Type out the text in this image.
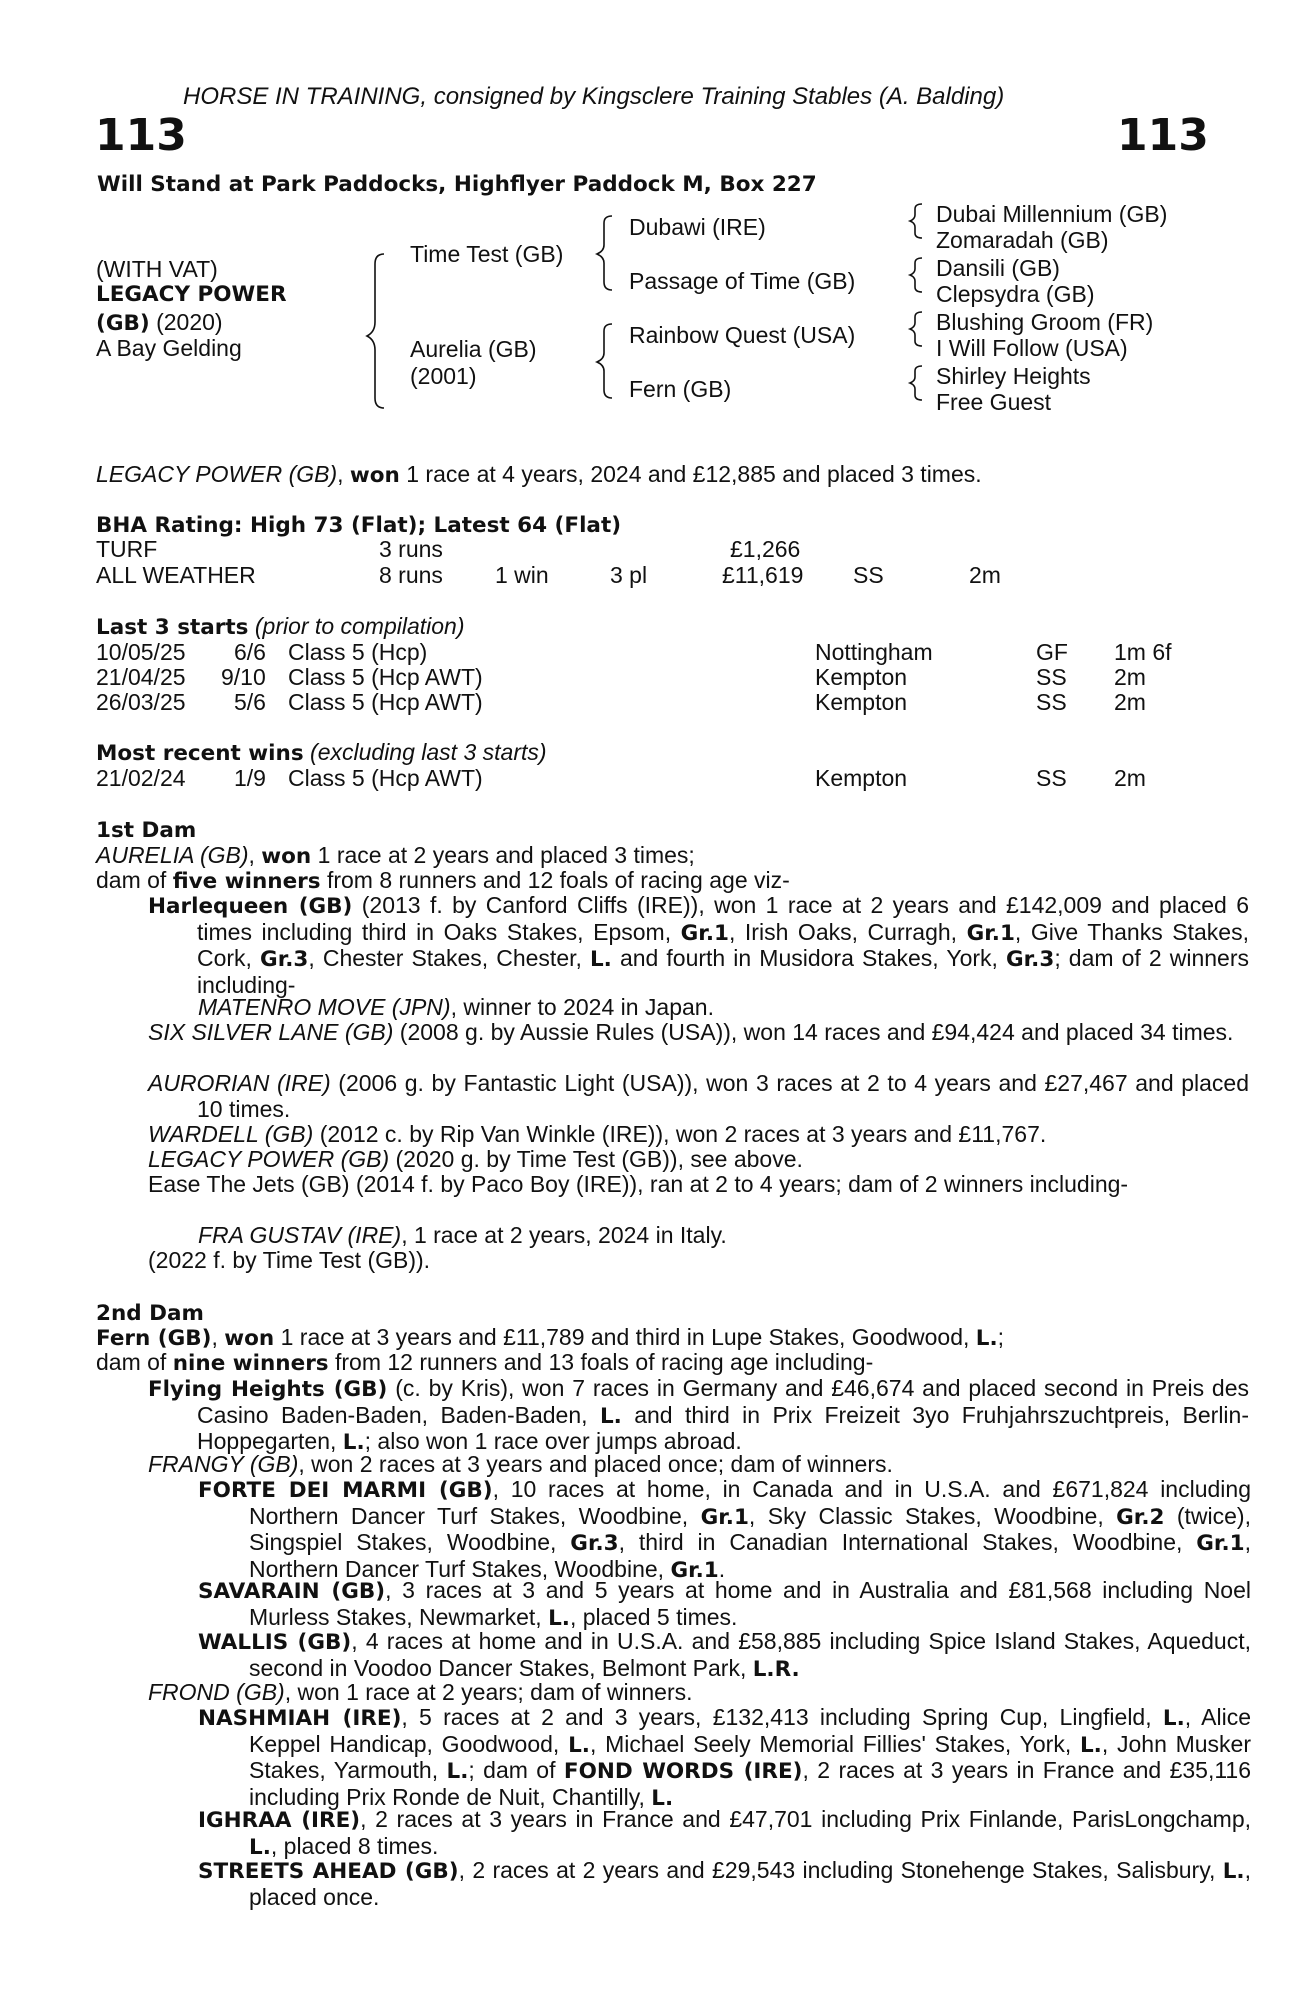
HORSE IN TRAINING, consigned by Kingsclere Training Stables (A. Balding)
113	113
Will Stand at Park Paddocks, Highflyer Paddock M, Box 227
(WITH VAT)
LEGACY POWER
(GB) (2020)
A Bay Gelding
Time Test (GB)
Aurelia (GB)
(2001)
Dubawi (IRE)
Passage of Time (GB)
Rainbow Quest (USA)
Fern (GB)
Dubai Millennium (GB)
Zomaradah (GB)
Dansili (GB)
Clepsydra (GB)
Blushing Groom (FR)
I Will Follow (USA)
Shirley Heights
Free Guest
LEGACY POWER (GB), won 1 race at 4 years, 2024 and £12,885 and placed 3 times.
BHA Rating: High 73 (Flat); Latest 64 (Flat)
TURF	3 runs	£1,266
ALL WEATHER	8 runs 1 win	3 pl	£11,619 SS	2m
Last 3 starts (prior to compilation)
10/05/25 6/6 Class 5 (Hcp)	Nottingham	GF 1m 6f
21/04/25 9/10 Class 5 (Hcp AWT)	Kempton	SS 2m
26/03/25 5/6 Class 5 (Hcp AWT)	Kempton	SS 2m
Most recent wins (excluding last 3 starts)
21/02/24 1/9 Class 5 (Hcp AWT)	Kempton	SS 2m
1st Dam
AURELIA (GB), won 1 race at 2 years and placed 3 times;
dam of five winners from 8 runners and 12 foals of racing age viz-
Harlequeen (GB) (2013 f. by Canford Cliffs (IRE)), won 1 race at 2 years and £142,009 and placed 6 times including third in Oaks Stakes, Epsom, Gr.1, Irish Oaks, Curragh, Gr.1, Give Thanks Stakes, Cork, Gr.3, Chester Stakes, Chester, L. and fourth in Musidora Stakes, York, Gr.3; dam of 2 winners including-
MATENRO MOVE (JPN), winner to 2024 in Japan.
SIX SILVER LANE (GB) (2008 g. by Aussie Rules (USA)), won 14 races and £94,424 and placed 34 times.
AURORIAN (IRE) (2006 g. by Fantastic Light (USA)), won 3 races at 2 to 4 years and £27,467 and placed 10 times.
WARDELL (GB) (2012 c. by Rip Van Winkle (IRE)), won 2 races at 3 years and £11,767.
LEGACY POWER (GB) (2020 g. by Time Test (GB)), see above.
Ease The Jets (GB) (2014 f. by Paco Boy (IRE)), ran at 2 to 4 years; dam of 2 winners including-
FRA GUSTAV (IRE), 1 race at 2 years, 2024 in Italy.
(2022 f. by Time Test (GB)).
2nd Dam
Fern (GB), won 1 race at 3 years and £11,789 and third in Lupe Stakes, Goodwood, L.;
dam of nine winners from 12 runners and 13 foals of racing age including-
Flying Heights (GB) (c. by Kris), won 7 races in Germany and £46,674 and placed second in Preis des Casino Baden-Baden, Baden-Baden, L. and third in Prix Freizeit 3yo Fruhjahrszuchtpreis, Berlin-Hoppegarten, L.; also won 1 race over jumps abroad.
FRANGY (GB), won 2 races at 3 years and placed once; dam of winners.
FORTE DEI MARMI (GB), 10 races at home, in Canada and in U.S.A. and £671,824 including Northern Dancer Turf Stakes, Woodbine, Gr.1, Sky Classic Stakes, Woodbine, Gr.2 (twice), Singspiel Stakes, Woodbine, Gr.3, third in Canadian International Stakes, Woodbine, Gr.1, Northern Dancer Turf Stakes, Woodbine, Gr.1.
SAVARAIN (GB), 3 races at 3 and 5 years at home and in Australia and £81,568 including Noel Murless Stakes, Newmarket, L., placed 5 times.
WALLIS (GB), 4 races at home and in U.S.A. and £58,885 including Spice Island Stakes, Aqueduct, second in Voodoo Dancer Stakes, Belmont Park, L.R.
FROND (GB), won 1 race at 2 years; dam of winners.
NASHMIAH (IRE), 5 races at 2 and 3 years, £132,413 including Spring Cup, Lingfield, L., Alice Keppel Handicap, Goodwood, L., Michael Seely Memorial Fillies' Stakes, York, L., John Musker Stakes, Yarmouth, L.; dam of FOND WORDS (IRE), 2 races at 3 years in France and £35,116 including Prix Ronde de Nuit, Chantilly, L.
IGHRAA (IRE), 2 races at 3 years in France and £47,701 including Prix Finlande, ParisLongchamp, L., placed 8 times.
STREETS AHEAD (GB), 2 races at 2 years and £29,543 including Stonehenge Stakes, Salisbury, L., placed once.
